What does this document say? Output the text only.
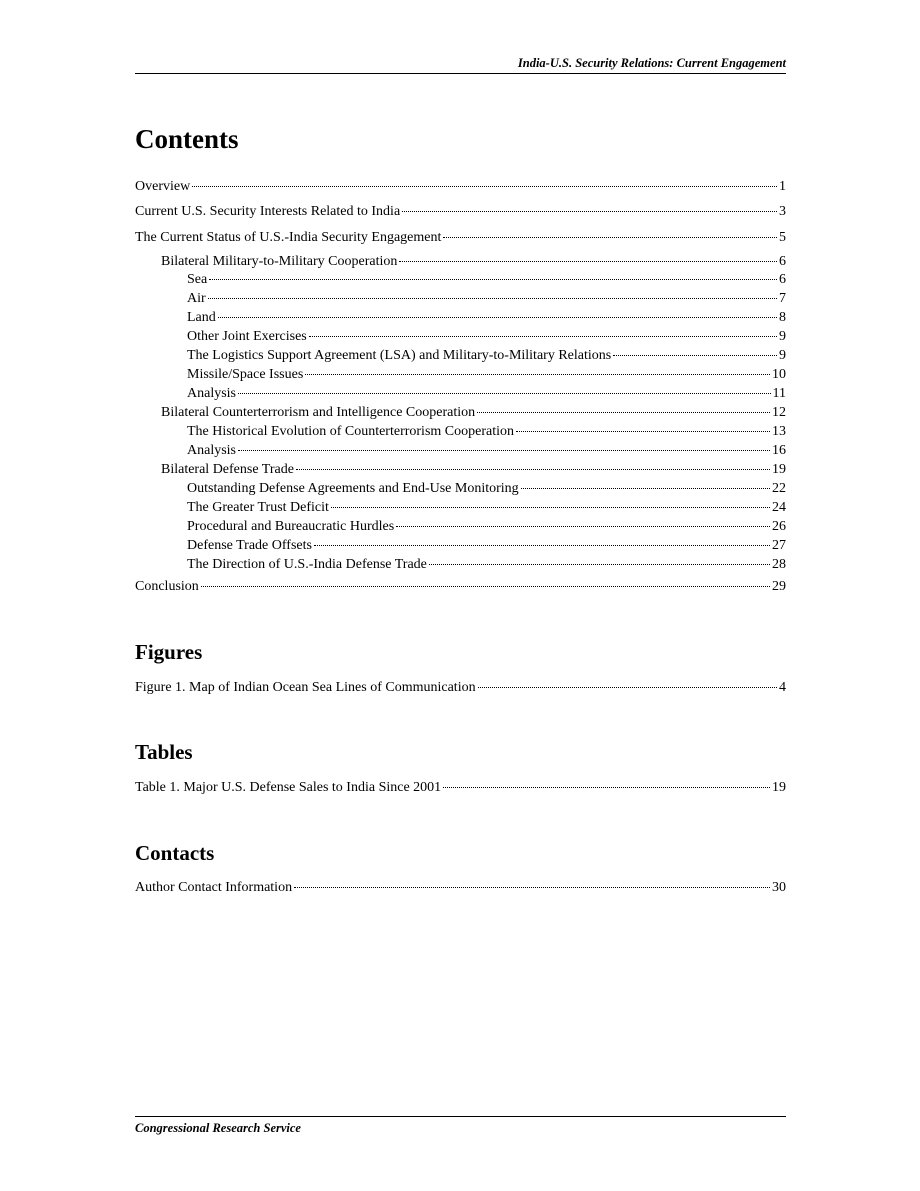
India-U.S. Security Relations: Current Engagement
Contents
Overview	1
Current U.S. Security Interests Related to India	3
The Current Status of U.S.-India Security Engagement	5
Bilateral Military-to-Military Cooperation	6
Sea	6
Air	7
Land	8
Other Joint Exercises	9
The Logistics Support Agreement (LSA) and Military-to-Military Relations	9
Missile/Space Issues	10
Analysis	11
Bilateral Counterterrorism and Intelligence Cooperation	12
The Historical Evolution of Counterterrorism Cooperation	13
Analysis	16
Bilateral Defense Trade	19
Outstanding Defense Agreements and End-Use Monitoring	22
The Greater Trust Deficit	24
Procedural and Bureaucratic Hurdles	26
Defense Trade Offsets	27
The Direction of U.S.-India Defense Trade	28
Conclusion	29
Figures
Figure 1. Map of Indian Ocean Sea Lines of Communication	4
Tables
Table 1. Major U.S. Defense Sales to India Since 2001	19
Contacts
Author Contact Information	30
Congressional Research Service
